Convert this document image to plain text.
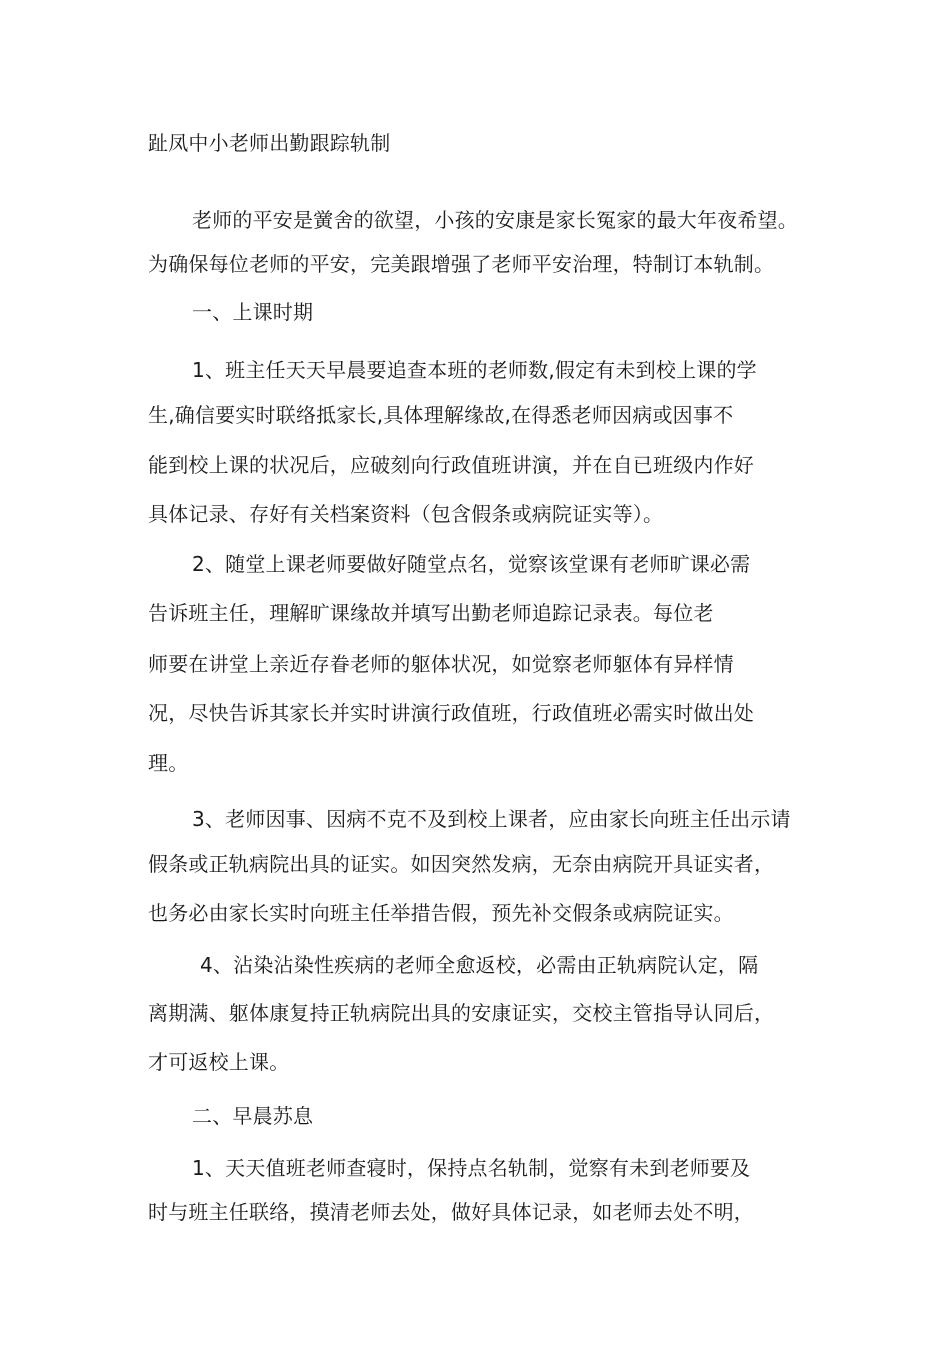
趾凤中小老师出勤跟踪轨制
老师的平安是黉舍的欲望，小孩的安康是家长冤家的最大年夜希望。
为确保每位老师的平安，完美跟增强了老师平安治理，特制订本轨制。
一、上课时期
1、班主任天天早晨要追查本班的老师数,假定有未到校上课的学
生,确信要实时联络抵家长,具体理解缘故,在得悉老师因病或因事不
能到校上课的状况后，应破刻向行政值班讲演，并在自已班级内作好
具体记录、存好有关档案资料（包含假条或病院证实等）。
2、随堂上课老师要做好随堂点名，觉察该堂课有老师旷课必需
告诉班主任，理解旷课缘故并填写出勤老师追踪记录表。每位老
师要在讲堂上亲近存眷老师的躯体状况，如觉察老师躯体有异样情
况，尽快告诉其家长并实时讲演行政值班，行政值班必需实时做出处
理。
3、老师因事、因病不克不及到校上课者，应由家长向班主任出示请
假条或正轨病院出具的证实。如因突然发病，无奈由病院开具证实者，
也务必由家长实时向班主任举措告假，预先补交假条或病院证实。
4、沾染沾染性疾病的老师全愈返校，必需由正轨病院认定，隔
离期满、躯体康复持正轨病院出具的安康证实，交校主管指导认同后，
才可返校上课。
二、早晨苏息
1、天天值班老师查寝时，保持点名轨制，觉察有未到老师要及
时与班主任联络，摸清老师去处，做好具体记录，如老师去处不明，
